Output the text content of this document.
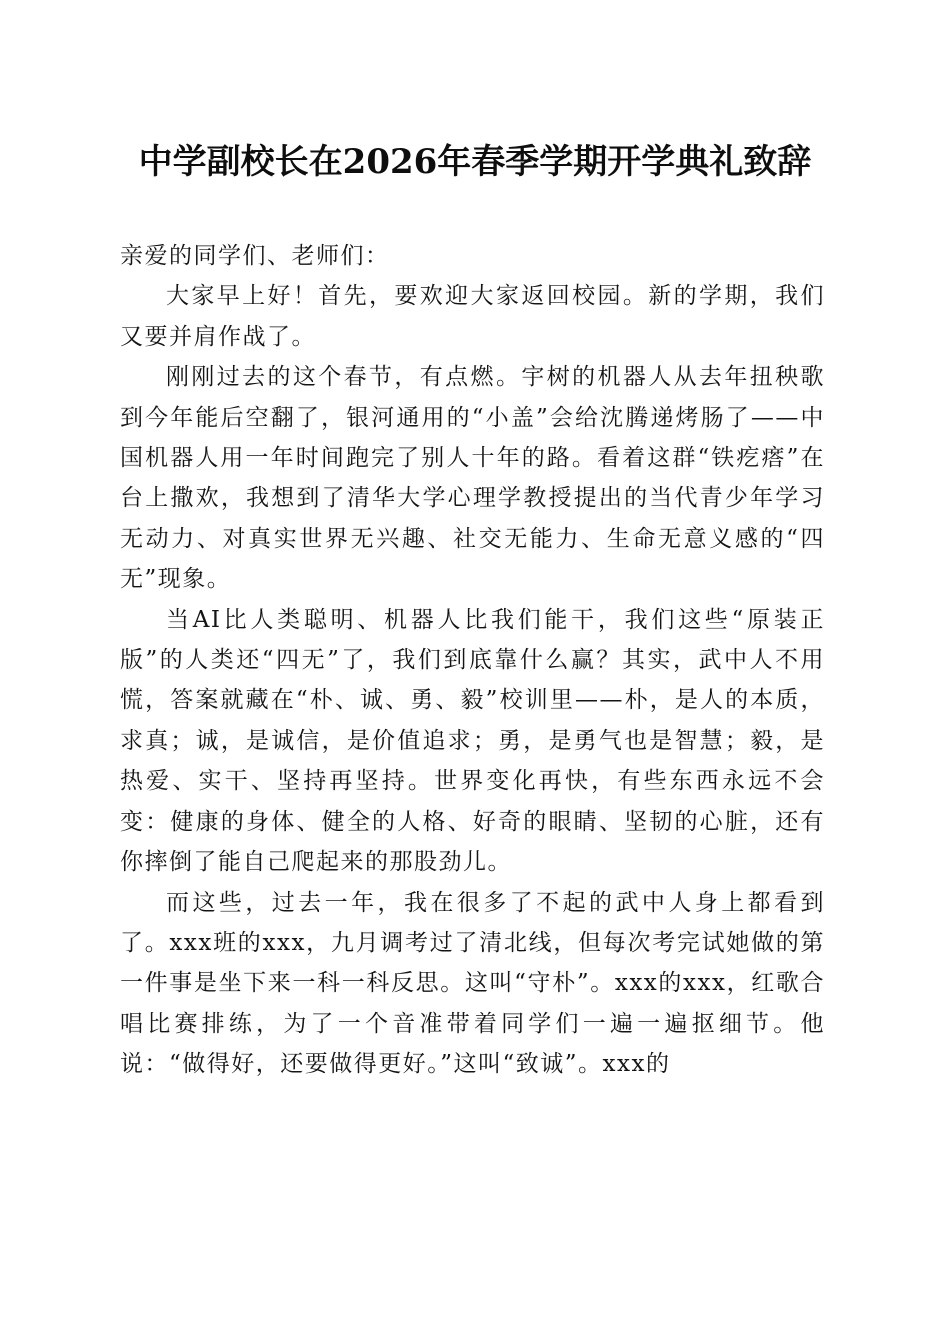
中学副校长在2026年春季学期开学典礼致辞

亲爱的同学们、老师们：

大家早上好！首先，要欢迎大家返回校园。新的学期，我们又要并肩作战了。

刚刚过去的这个春节，有点燃。宇树的机器人从去年扭秧歌到今年能后空翻了，银河通用的“小盖”会给沈腾递烤肠了——中国机器人用一年时间跑完了别人十年的路。看着这群“铁疙瘩”在台上撒欢，我想到了清华大学心理学教授提出的当代青少年学习无动力、对真实世界无兴趣、社交无能力、生命无意义感的“四无”现象。

当AI比人类聪明、机器人比我们能干，我们这些“原装正版”的人类还“四无”了，我们到底靠什么赢？其实，武中人不用慌，答案就藏在“朴、诚、勇、毅”校训里——朴，是人的本质，求真；诚，是诚信，是价值追求；勇，是勇气也是智慧；毅，是热爱、实干、坚持再坚持。世界变化再快，有些东西永远不会变：健康的身体、健全的人格、好奇的眼睛、坚韧的心脏，还有你摔倒了能自己爬起来的那股劲儿。

而这些，过去一年，我在很多了不起的武中人身上都看到了。xxx班的xxx，九月调考过了清北线，但每次考完试她做的第一件事是坐下来一科一科反思。这叫“守朴”。xxx的xxx，红歌合唱比赛排练，为了一个音准带着同学们一遍一遍抠细节。他说：“做得好，还要做得更好。”这叫“致诚”。xxx的
